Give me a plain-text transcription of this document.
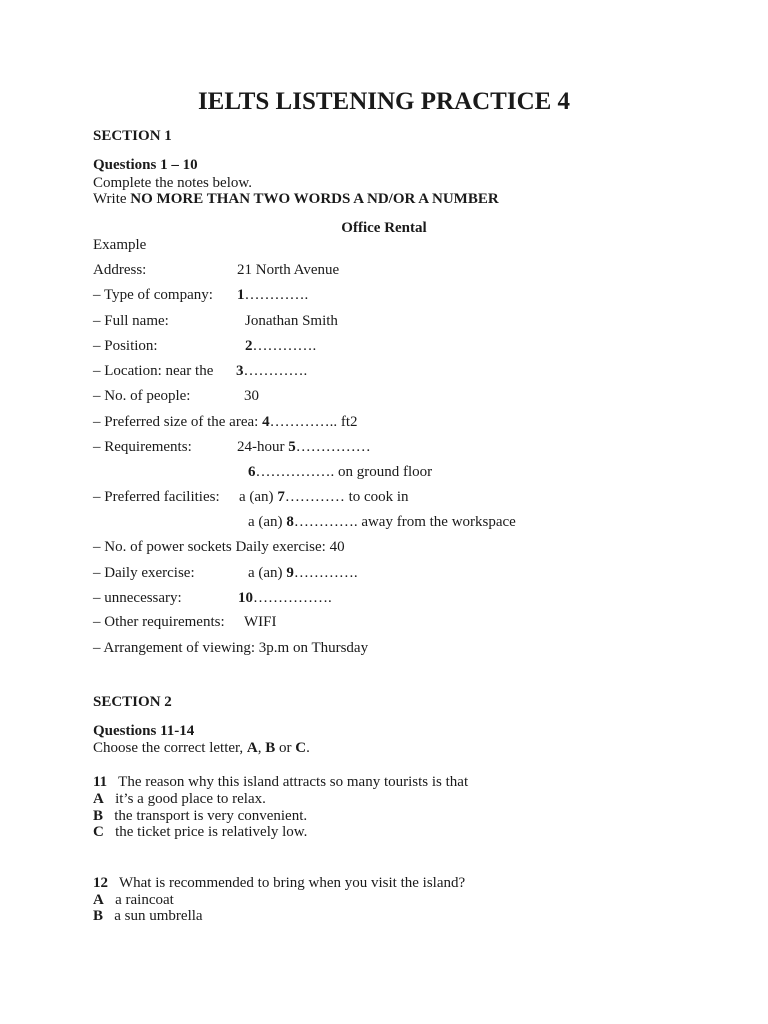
IELTS LISTENING PRACTICE 4
SECTION 1
Questions 1 – 10
Complete the notes below.
Write NO MORE THAN TWO WORDS A ND/OR A NUMBER
Office Rental
Example
Address:	21 North Avenue
– Type of company: 1………….
– Full name:	Jonathan Smith
– Position:	2………….
– Location: near the 3………….
– No. of people:	30
– Preferred size of the area: 4………….. ft2
– Requirements:	24-hour 5……………
6……………. on ground floor
– Preferred facilities: a (an) 7………… to cook in
a (an) 8…………. away from the workspace
– No. of power sockets Daily exercise: 40
– Daily exercise:	a (an) 9………….
– unnecessary:	10…………….
– Other requirements: WIFI
– Arrangement of viewing: 3p.m on Thursday
SECTION 2
Questions 11-14
Choose the correct letter, A, B or C.
11 The reason why this island attracts so many tourists is that
A it’s a good place to relax.
B the transport is very convenient.
C the ticket price is relatively low.
12 What is recommended to bring when you visit the island?
A a raincoat
B a sun umbrella
